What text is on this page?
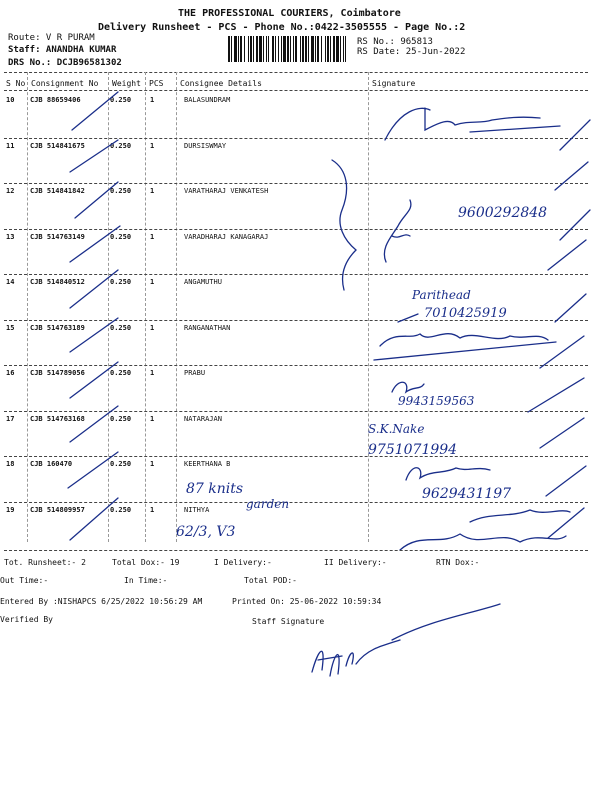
THE PROFESSIONAL COURIERS, Coimbatore
Delivery Runsheet - PCS - Phone No.:0422-3505555 - Page No.:2
Route: V R PURAM
Staff: ANANDHA KUMAR
DRS No.: DCJB96581302
RS No.: 965813
RS Date: 25-Jun-2022
S No Consignment No Weight PCS Consignee Details	Signature
10 CJB 88659406	0.250	1	BALASUNDRAM
11 CJB 514841675	0.250	1	DURSISWMAY
12 CJB 514841842	0.250	1	VARATHARAJ VENKATESH
13 CJB 514763149	0.250	1	VARADHARAJ KANAGARAJ
14 CJB 514840512	0.250	1	ANGAMUTHU
15 CJB 514763189	0.250	1	RANGANATHAN
16 CJB 514789056	0.250	1	PRABU
17 CJB 514763168	0.250	1	NATARAJAN
18 CJB 160470	0.250	1	KEERTHANA B
19 CJB 514809957	0.250	1	NITHYA
9600292848
Parithead
7010425919
9943159563
S.K.Nake
9751071994
9629431197
87 knits
garden
62/3, V3
Tot. Runsheet:- 2	Total Dox:- 19	I Delivery:-	II Delivery:-	RTN Dox:-
Out Time:-	In Time:-	Total POD:-
Entered By :NISHAPCS 6/25/2022 10:56:29 AM	Printed On: 25-06-2022 10:59:34
Verified By	Staff Signature
